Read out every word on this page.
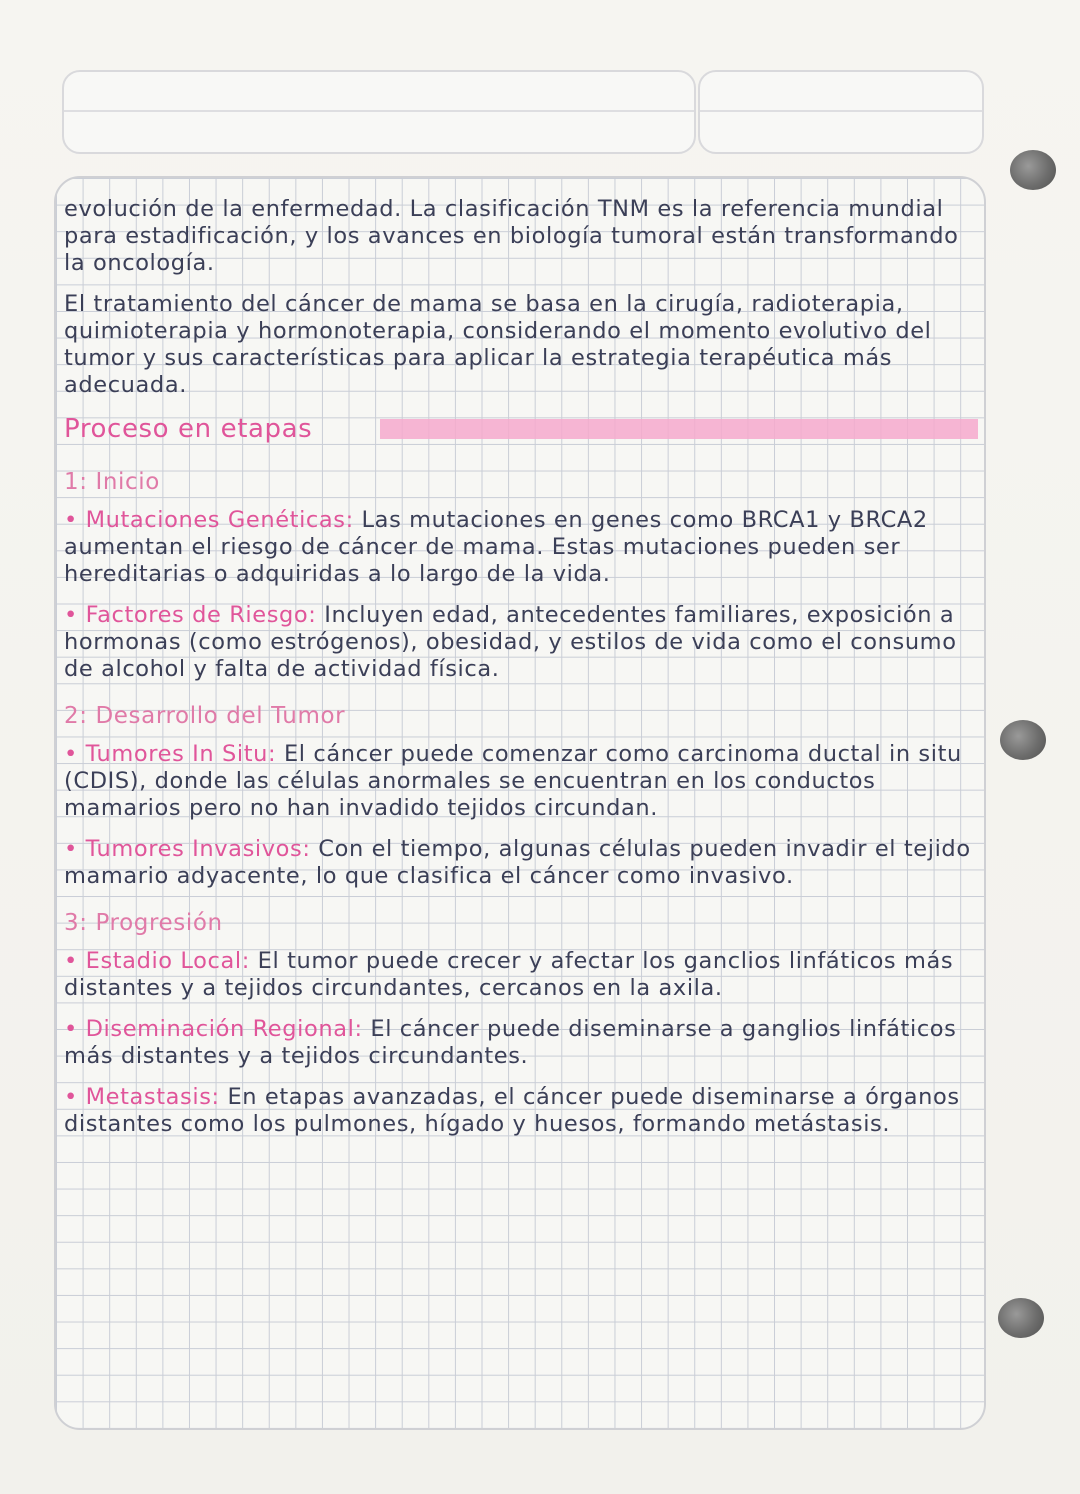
evolución de la enfermedad. La clasificación TNM es la referencia mundial para estadificación, y los avances en biología tumoral están transformando la oncología.

El tratamiento del cáncer de mama se basa en la cirugía, radioterapia, quimioterapia y hormonoterapia, considerando el momento evolutivo del tumor y sus características para aplicar la estrategia terapéutica más adecuada.

Proceso en etapas
1: Inicio

• Mutaciones Genéticas: Las mutaciones en genes como BRCA1 y BRCA2 aumentan el riesgo de cáncer de mama. Estas mutaciones pueden ser hereditarias o adquiridas a lo largo de la vida.

• Factores de Riesgo: Incluyen edad, antecedentes familiares, exposición a hormonas (como estrógenos), obesidad, y estilos de vida como el consumo de alcohol y falta de actividad física.

2: Desarrollo del Tumor

• Tumores In Situ: El cáncer puede comenzar como carcinoma ductal in situ (CDIS), donde las células anormales se encuentran en los conductos mamarios pero no han invadido tejidos circundan.

• Tumores Invasivos: Con el tiempo, algunas células pueden invadir el tejido mamario adyacente, lo que clasifica el cáncer como invasivo.

3: Progresión

• Estadio Local: El tumor puede crecer y afectar los ganclios linfáticos más distantes y a tejidos circundantes, cercanos en la axila.

• Diseminación Regional: El cáncer puede diseminarse a ganglios linfáticos más distantes y a tejidos circundantes.

• Metastasis: En etapas avanzadas, el cáncer puede diseminarse a órganos distantes como los pulmones, hígado y huesos, formando metástasis.
